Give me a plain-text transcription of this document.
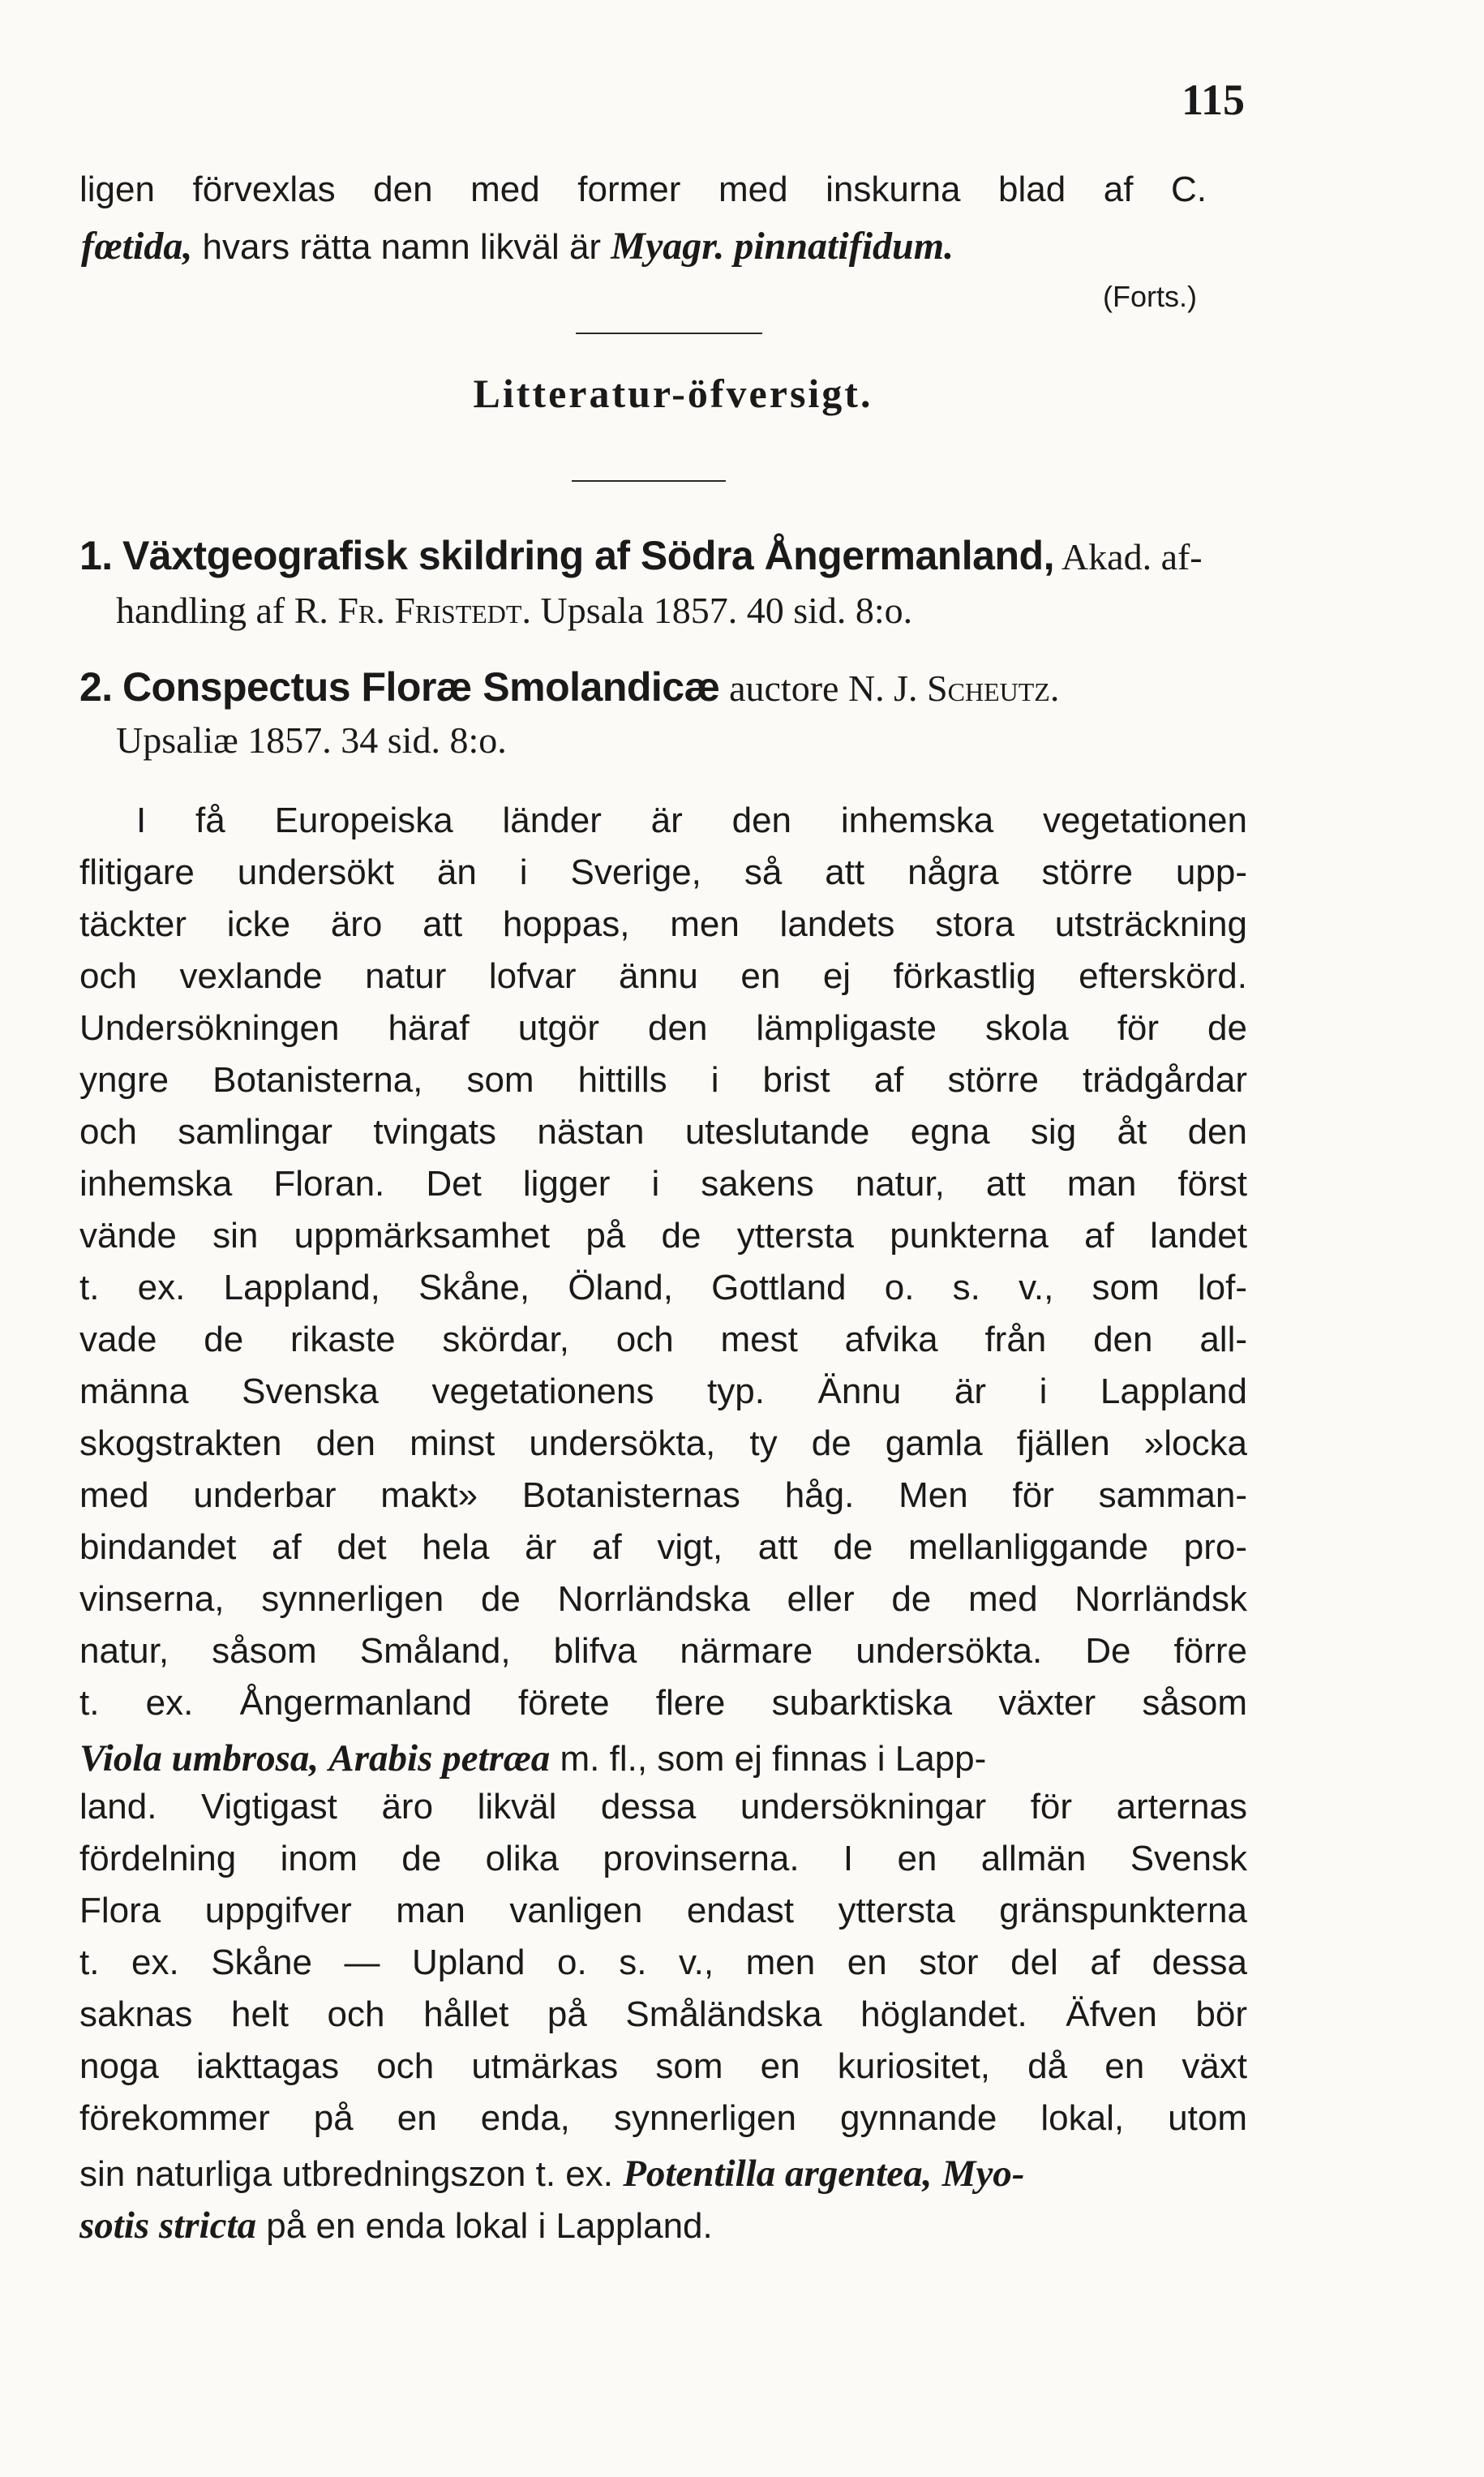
115
ligen förvexlas den med former med inskurna blad af C.
fœtida, hvars rätta namn likväl är Myagr. pinnatifidum.
(Forts.)
Litteratur-öfversigt.
1. Växtgeografisk skildring af Södra Ångermanland, Akad. af-
handling af R. Fr. Fristedt. Upsala 1857. 40 sid. 8:o.
2. Conspectus Floræ Smolandicæ auctore N. J. Scheutz.
Upsaliæ 1857. 34 sid. 8:o.
I få Europeiska länder är den inhemska vegetationen
flitigare undersökt än i Sverige, så att några större upp-
täckter icke äro att hoppas, men landets stora utsträckning
och vexlande natur lofvar ännu en ej förkastlig efterskörd.
Undersökningen häraf utgör den lämpligaste skola för de
yngre Botanisterna, som hittills i brist af större trädgårdar
och samlingar tvingats nästan uteslutande egna sig åt den
inhemska Floran. Det ligger i sakens natur, att man först
vände sin uppmärksamhet på de yttersta punkterna af landet
t. ex. Lappland, Skåne, Öland, Gottland o. s. v., som lof-
vade de rikaste skördar, och mest afvika från den all-
männa Svenska vegetationens typ. Ännu är i Lappland
skogstrakten den minst undersökta, ty de gamla fjällen »locka
med underbar makt» Botanisternas håg. Men för samman-
bindandet af det hela är af vigt, att de mellanliggande pro-
vinserna, synnerligen de Norrländska eller de med Norrländsk
natur, såsom Småland, blifva närmare undersökta. De förre
t. ex. Ångermanland förete flere subarktiska växter såsom
Viola umbrosa, Arabis petræa m. fl., som ej finnas i Lapp-
land. Vigtigast äro likväl dessa undersökningar för arternas
fördelning inom de olika provinserna. I en allmän Svensk
Flora uppgifver man vanligen endast yttersta gränspunkterna
t. ex. Skåne — Upland o. s. v., men en stor del af dessa
saknas helt och hållet på Småländska höglandet. Äfven bör
noga iakttagas och utmärkas som en kuriositet, då en växt
förekommer på en enda, synnerligen gynnande lokal, utom
sin naturliga utbredningszon t. ex. Potentilla argentea, Myo-
sotis stricta på en enda lokal i Lappland.
